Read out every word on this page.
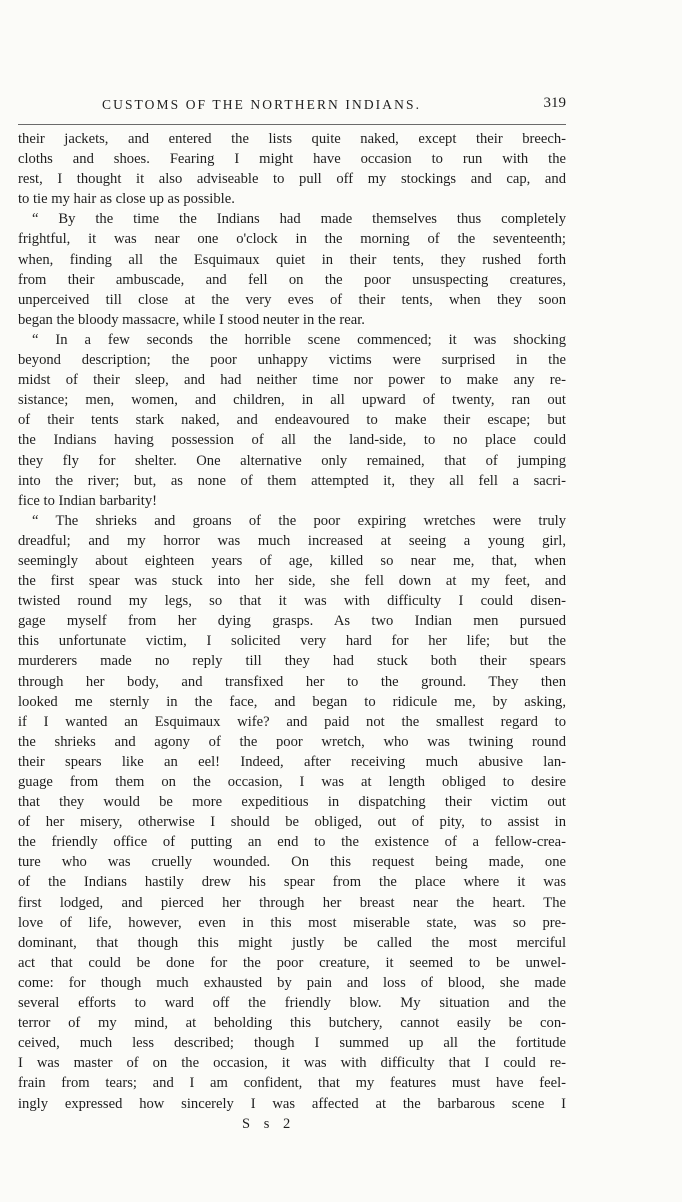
CUSTOMS OF THE NORTHERN INDIANS.	319
their jackets, and entered the lists quite naked, except their breech-
cloths and shoes. Fearing I might have occasion to run with the
rest, I thought it also adviseable to pull off my stockings and cap, and
to tie my hair as close up as possible.
“ By the time the Indians had made themselves thus completely
frightful, it was near one o'clock in the morning of the seventeenth;
when, finding all the Esquimaux quiet in their tents, they rushed forth
from their ambuscade, and fell on the poor unsuspecting creatures,
unperceived till close at the very eves of their tents, when they soon
began the bloody massacre, while I stood neuter in the rear.
“ In a few seconds the horrible scene commenced; it was shocking
beyond description; the poor unhappy victims were surprised in the
midst of their sleep, and had neither time nor power to make any re-
sistance; men, women, and children, in all upward of twenty, ran out
of their tents stark naked, and endeavoured to make their escape; but
the Indians having possession of all the land-side, to no place could
they fly for shelter. One alternative only remained, that of jumping
into the river; but, as none of them attempted it, they all fell a sacri-
fice to Indian barbarity!
“ The shrieks and groans of the poor expiring wretches were truly
dreadful; and my horror was much increased at seeing a young girl,
seemingly about eighteen years of age, killed so near me, that, when
the first spear was stuck into her side, she fell down at my feet, and
twisted round my legs, so that it was with difficulty I could disen-
gage myself from her dying grasps. As two Indian men pursued
this unfortunate victim, I solicited very hard for her life; but the
murderers made no reply till they had stuck both their spears
through her body, and transfixed her to the ground. They then
looked me sternly in the face, and began to ridicule me, by asking,
if I wanted an Esquimaux wife? and paid not the smallest regard to
the shrieks and agony of the poor wretch, who was twining round
their spears like an eel! Indeed, after receiving much abusive lan-
guage from them on the occasion, I was at length obliged to desire
that they would be more expeditious in dispatching their victim out
of her misery, otherwise I should be obliged, out of pity, to assist in
the friendly office of putting an end to the existence of a fellow-crea-
ture who was cruelly wounded. On this request being made, one
of the Indians hastily drew his spear from the place where it was
first lodged, and pierced her through her breast near the heart. The
love of life, however, even in this most miserable state, was so pre-
dominant, that though this might justly be called the most merciful
act that could be done for the poor creature, it seemed to be unwel-
come: for though much exhausted by pain and loss of blood, she made
several efforts to ward off the friendly blow. My situation and the
terror of my mind, at beholding this butchery, cannot easily be con-
ceived, much less described; though I summed up all the fortitude
I was master of on the occasion, it was with difficulty that I could re-
frain from tears; and I am confident, that my features must have feel-
ingly expressed how sincerely I was affected at the barbarous scene I
S s 2
